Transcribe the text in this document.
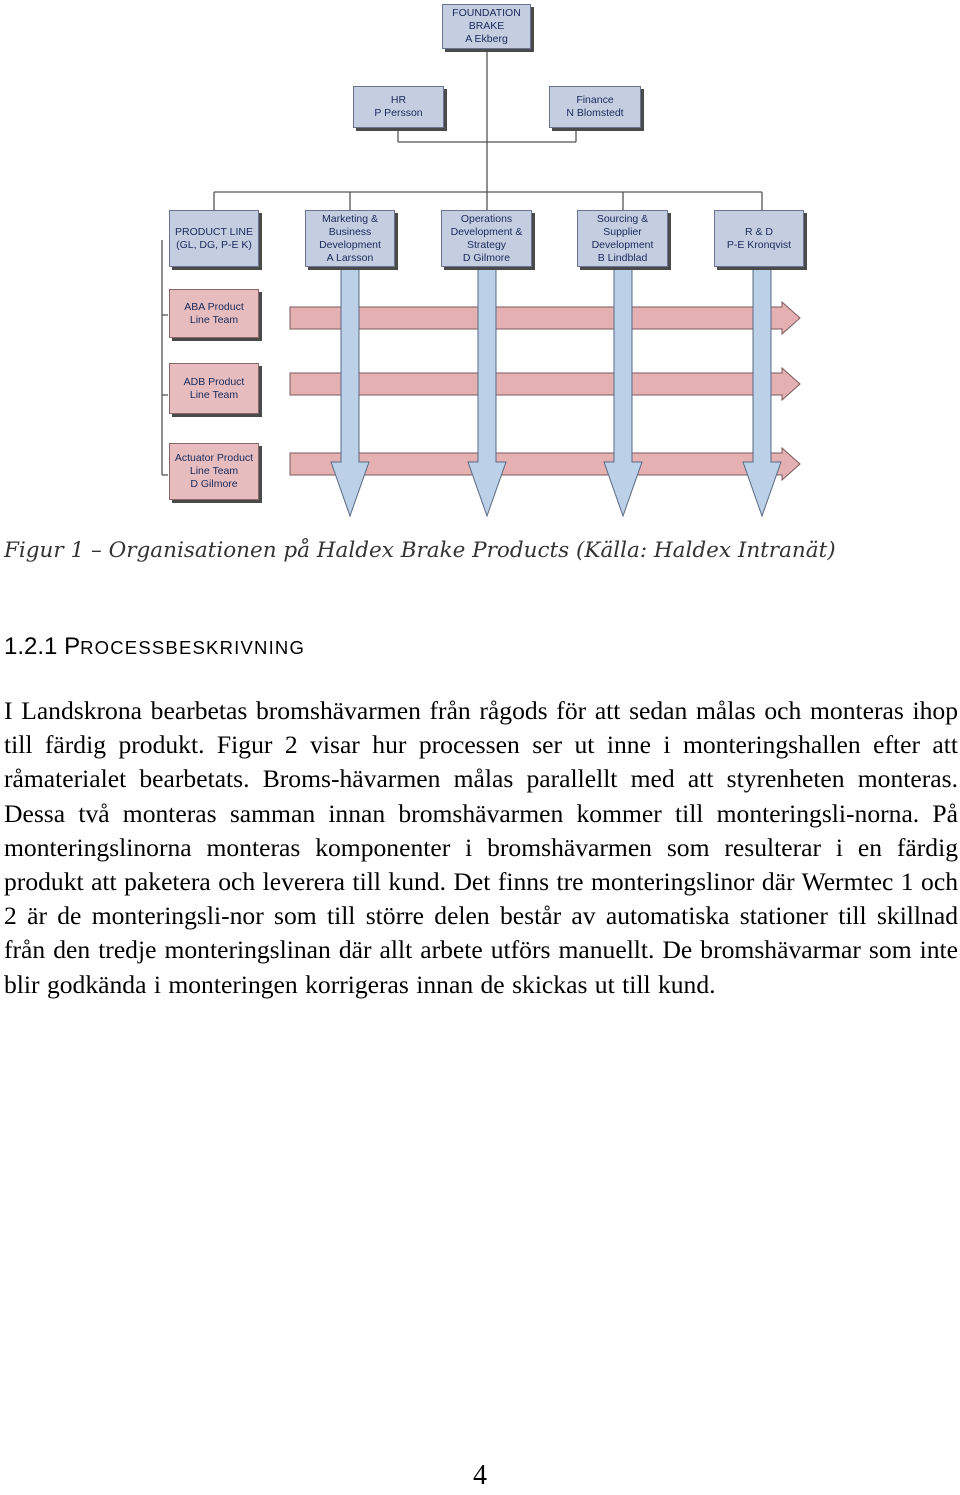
FOUNDATION
BRAKE
A Ekberg
HR
P Persson
Finance
N Blomstedt
PRODUCT LINE
(GL, DG, P-E K)
Marketing &
Business
Development
A Larsson
Operations
Development &
Strategy
D Gilmore
Sourcing &
Supplier
Development
B Lindblad
R & D
P-E Kronqvist
ABA Product
Line Team
ADB Product
Line Team
Actuator Product
Line Team
D Gilmore

Figur 1 – Organisationen på Haldex Brake Products (Källa: Haldex Intranät)

1.2.1 PROCESSBESKRIVNING

I Landskrona bearbetas bromshävarmen från rågods för att sedan målas och monteras ihop till färdig produkt. Figur 2 visar hur processen ser ut inne i monteringshallen efter att råmaterialet bearbetats. Broms-hävarmen målas parallellt med att styrenheten monteras. Dessa två monteras samman innan bromshävarmen kommer till monteringsli-norna. På monteringslinorna monteras komponenter i bromshävarmen som resulterar i en färdig produkt att paketera och leverera till kund. Det finns tre monteringslinor där Wermtec 1 och 2 är de monteringsli-nor som till större delen består av automatiska stationer till skillnad från den tredje monteringslinan där allt arbete utförs manuellt. De bromshävarmar som inte blir godkända i monteringen korrigeras innan de skickas ut till kund.

4
